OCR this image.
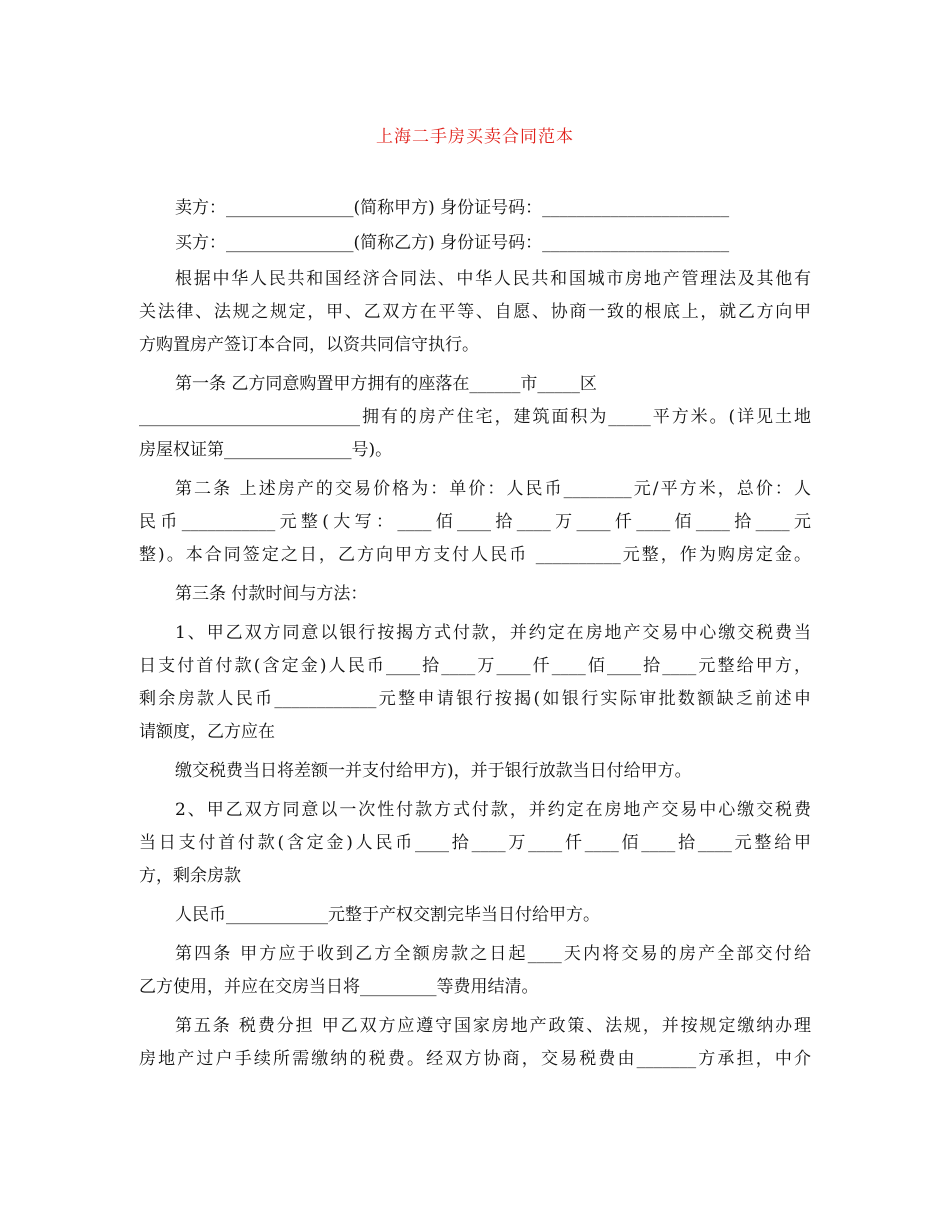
上海二手房买卖合同范本
卖方：_______________(简称甲方) 身份证号码：______________________
买方：_______________(简称乙方) 身份证号码：______________________
根据中华人民共和国经济合同法、中华人民共和国城市房地产管理法及其他有
关法律、法规之规定，甲、乙双方在平等、自愿、协商一致的根底上，就乙方向甲
方购置房产签订本合同，以资共同信守执行。
第一条 乙方同意购置甲方拥有的座落在______市_____区
__________________________拥有的房产住宅，建筑面积为_____平方米。(详见土地
房屋权证第_______________号)。
第二条 上述房产的交易价格为：单价：人民币________元/平方米，总价：人
民币___________元整(大写：____佰____拾____万____仟____佰____拾____元
整)。本合同签定之日，乙方向甲方支付人民币 __________元整，作为购房定金。
第三条 付款时间与方法：
1、甲乙双方同意以银行按揭方式付款，并约定在房地产交易中心缴交税费当
日支付首付款(含定金)人民币____拾____万____仟____佰____拾____元整给甲方，
剩余房款人民币____________元整申请银行按揭(如银行实际审批数额缺乏前述申
请额度，乙方应在
缴交税费当日将差额一并支付给甲方)，并于银行放款当日付给甲方。
2、甲乙双方同意以一次性付款方式付款，并约定在房地产交易中心缴交税费
当日支付首付款(含定金)人民币____拾____万____仟____佰____拾____元整给甲
方，剩余房款
人民币____________元整于产权交割完毕当日付给甲方。
第四条 甲方应于收到乙方全额房款之日起____天内将交易的房产全部交付给
乙方使用，并应在交房当日将_________等费用结清。
第五条 税费分担 甲乙双方应遵守国家房地产政策、法规，并按规定缴纳办理
房地产过户手续所需缴纳的税费。经双方协商，交易税费由_______方承担，中介
